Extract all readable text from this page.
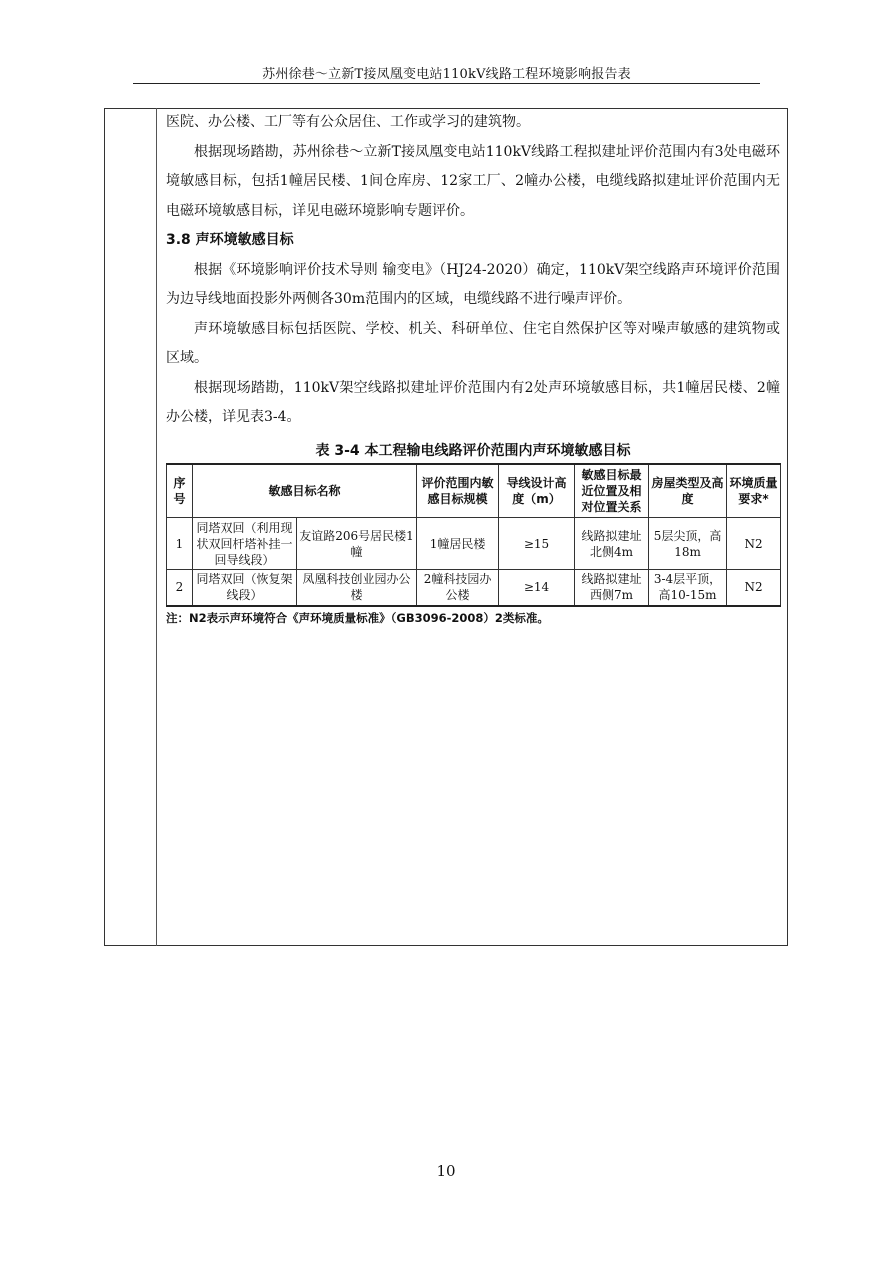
苏州徐巷～立新T接凤凰变电站110kV线路工程环境影响报告表

医院、办公楼、工厂等有公众居住、工作或学习的建筑物。

根据现场踏勘，苏州徐巷～立新T接凤凰变电站110kV线路工程拟建址评价范围内有3处电磁环境敏感目标，包括1幢居民楼、1间仓库房、12家工厂、2幢办公楼，电缆线路拟建址评价范围内无电磁环境敏感目标，详见电磁环境影响专题评价。

3.8 声环境敏感目标

根据《环境影响评价技术导则 输变电》（HJ24-2020）确定，110kV架空线路声环境评价范围为边导线地面投影外两侧各30m范围内的区域，电缆线路不进行噪声评价。

声环境敏感目标包括医院、学校、机关、科研单位、住宅自然保护区等对噪声敏感的建筑物或区域。

根据现场踏勘，110kV架空线路拟建址评价范围内有2处声环境敏感目标，共1幢居民楼、2幢办公楼，详见表3-4。

表 3-4 本工程输电线路评价范围内声环境敏感目标
序号	敏感目标名称		评价范围内敏感目标规模	导线设计高度（m）	敏感目标最近位置及相对位置关系	房屋类型及高度	环境质量要求*
1	同塔双回（利用现状双回杆塔补挂一回导线段）	友谊路206号居民楼1幢	1幢居民楼	≥15	线路拟建址北侧4m	5层尖顶，高18m	N2
2	同塔双回（恢复架线段）	凤凰科技创业园办公楼	2幢科技园办公楼	≥14	线路拟建址西侧7m	3-4层平顶，高10-15m	N2
注：N2表示声环境符合《声环境质量标准》（GB3096-2008）2类标准。
10
